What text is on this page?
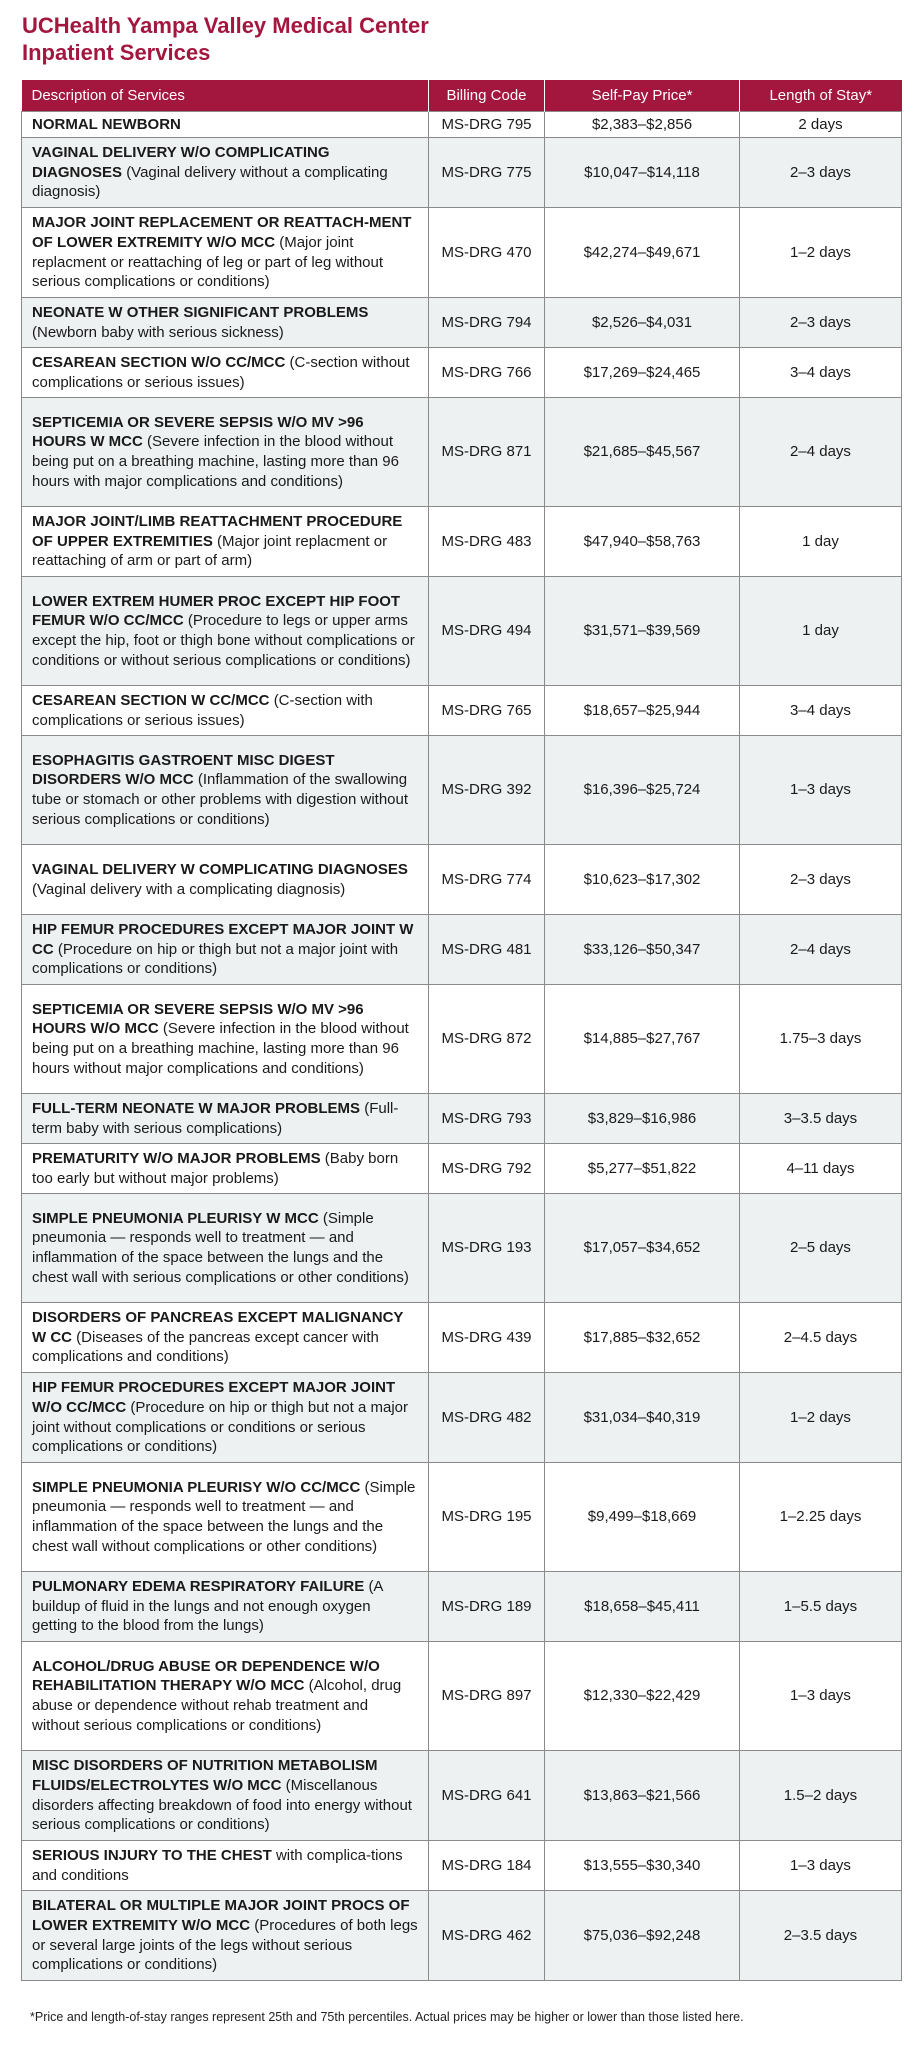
UCHealth Yampa Valley Medical Center
Inpatient Services
Description of Services	Billing Code	Self-Pay Price*	Length of Stay*
NORMAL NEWBORN	MS-DRG 795	$2,383–$2,856	2 days
VAGINAL DELIVERY W/O COMPLICATING DIAGNOSES (Vaginal delivery without a complicating diagnosis)	MS-DRG 775	$10,047–$14,118	2–3 days
MAJOR JOINT REPLACEMENT OR REATTACH-MENT OF LOWER EXTREMITY W/O MCC (Major joint replacment or reattaching of leg or part of leg without serious complications or conditions)	MS-DRG 470	$42,274–$49,671	1–2 days
NEONATE W OTHER SIGNIFICANT PROBLEMS (Newborn baby with serious sickness)	MS-DRG 794	$2,526–$4,031	2–3 days
CESAREAN SECTION W/O CC/MCC (C-section without complications or serious issues)	MS-DRG 766	$17,269–$24,465	3–4 days
SEPTICEMIA OR SEVERE SEPSIS W/O MV >96 HOURS W MCC (Severe infection in the blood without being put on a breathing machine, lasting more than 96 hours with major complications and conditions)	MS-DRG 871	$21,685–$45,567	2–4 days
MAJOR JOINT/LIMB REATTACHMENT PROCEDURE OF UPPER EXTREMITIES (Major joint replacment or reattaching of arm or part of arm)	MS-DRG 483	$47,940–$58,763	1 day
LOWER EXTREM HUMER PROC EXCEPT HIP FOOT FEMUR W/O CC/MCC (Procedure to legs or upper arms except the hip, foot or thigh bone without complications or conditions or without serious complications or conditions)	MS-DRG 494	$31,571–$39,569	1 day
CESAREAN SECTION W CC/MCC (C-section with complications or serious issues)	MS-DRG 765	$18,657–$25,944	3–4 days
ESOPHAGITIS GASTROENT MISC DIGEST DISORDERS W/O MCC (Inflammation of the swallowing tube or stomach or other problems with digestion without serious complications or conditions)	MS-DRG 392	$16,396–$25,724	1–3 days
VAGINAL DELIVERY W COMPLICATING DIAGNOSES (Vaginal delivery with a complicating diagnosis)	MS-DRG 774	$10,623–$17,302	2–3 days
HIP FEMUR PROCEDURES EXCEPT MAJOR JOINT W CC (Procedure on hip or thigh but not a major joint with complications or conditions)	MS-DRG 481	$33,126–$50,347	2–4 days
SEPTICEMIA OR SEVERE SEPSIS W/O MV >96 HOURS W/O MCC (Severe infection in the blood without being put on a breathing machine, lasting more than 96 hours without major complications and conditions)	MS-DRG 872	$14,885–$27,767	1.75–3 days
FULL-TERM NEONATE W MAJOR PROBLEMS (Full-term baby with serious complications)	MS-DRG 793	$3,829–$16,986	3–3.5 days
PREMATURITY W/O MAJOR PROBLEMS (Baby born too early but without major problems)	MS-DRG 792	$5,277–$51,822	4–11 days
SIMPLE PNEUMONIA PLEURISY W MCC (Simple pneumonia — responds well to treatment — and inflammation of the space between the lungs and the chest wall with serious complications or other conditions)	MS-DRG 193	$17,057–$34,652	2–5 days
DISORDERS OF PANCREAS EXCEPT MALIGNANCY W CC (Diseases of the pancreas except cancer with complications and conditions)	MS-DRG 439	$17,885–$32,652	2–4.5 days
HIP FEMUR PROCEDURES EXCEPT MAJOR JOINT W/O CC/MCC (Procedure on hip or thigh but not a major joint without complications or conditions or serious complications or conditions)	MS-DRG 482	$31,034–$40,319	1–2 days
SIMPLE PNEUMONIA PLEURISY W/O CC/MCC (Simple pneumonia — responds well to treatment — and inflammation of the space between the lungs and the chest wall without complications or other conditions)	MS-DRG 195	$9,499–$18,669	1–2.25 days
PULMONARY EDEMA RESPIRATORY FAILURE (A buildup of fluid in the lungs and not enough oxygen getting to the blood from the lungs)	MS-DRG 189	$18,658–$45,411	1–5.5 days
ALCOHOL/DRUG ABUSE OR DEPENDENCE W/O REHABILITATION THERAPY W/O MCC (Alcohol, drug abuse or dependence without rehab treatment and without serious complications or conditions)	MS-DRG 897	$12,330–$22,429	1–3 days
MISC DISORDERS OF NUTRITION METABOLISM FLUIDS/ELECTROLYTES W/O MCC (Miscellanous disorders affecting breakdown of food into energy without serious complications or conditions)	MS-DRG 641	$13,863–$21,566	1.5–2 days
SERIOUS INJURY TO THE CHEST with complica-tions and conditions	MS-DRG 184	$13,555–$30,340	1–3 days
BILATERAL OR MULTIPLE MAJOR JOINT PROCS OF LOWER EXTREMITY W/O MCC (Procedures of both legs or several large joints of the legs without serious complications or conditions)	MS-DRG 462	$75,036–$92,248	2–3.5 days
*Price and length-of-stay ranges represent 25th and 75th percentiles. Actual prices may be higher or lower than those listed here.
